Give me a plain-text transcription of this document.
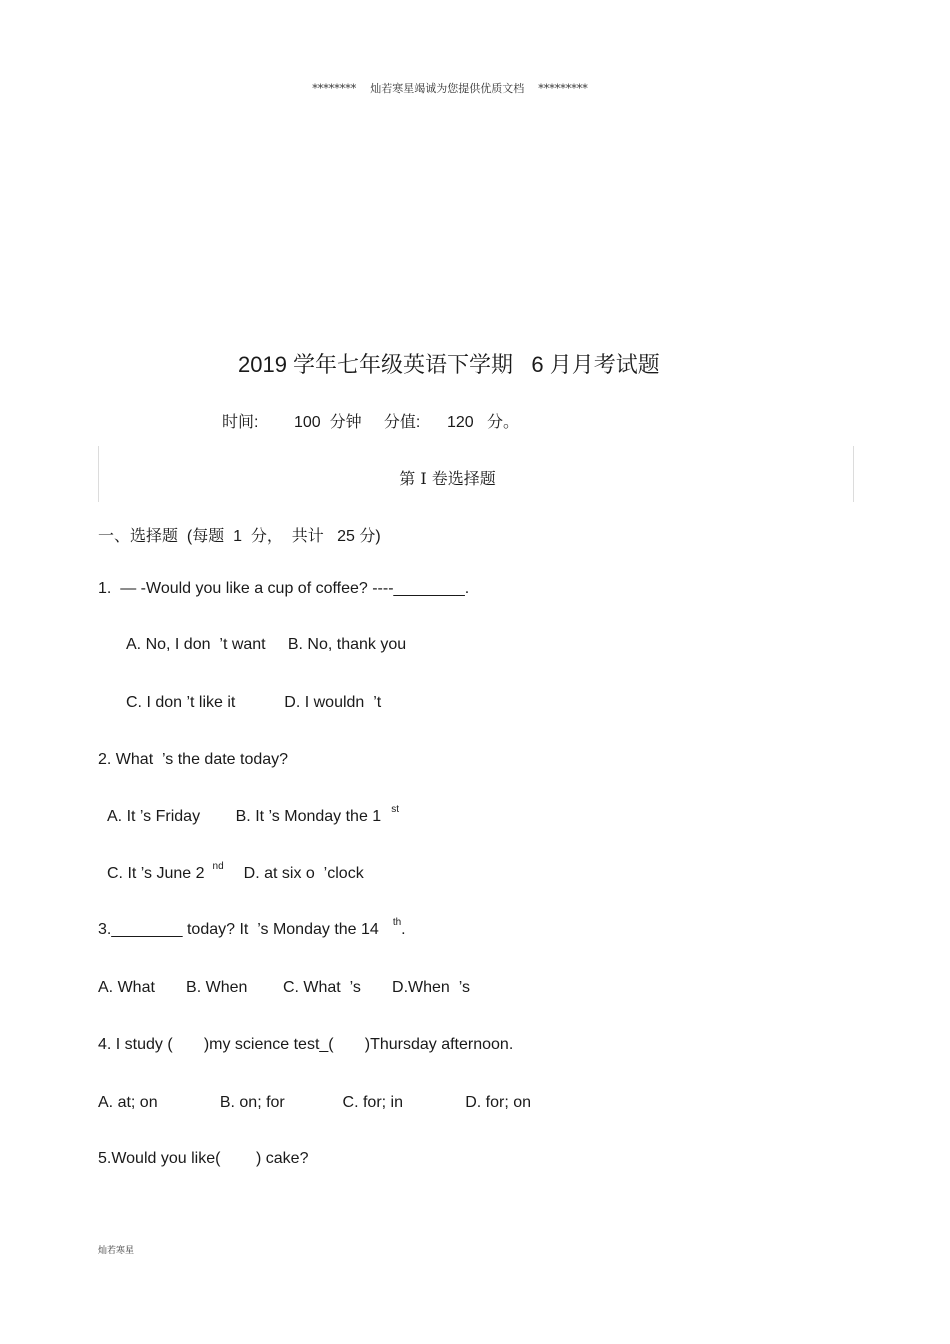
********    灿若寒星竭诚为您提供优质文档    *********
2019 学年七年级英语下学期   6 月月考试题
时间:        100  分钟     分值:      120   分。
第 I 卷选择题
一、选择题  (每题  1  分，  共计   25 分)
1.  — -Would you like a cup of coffee? ----________.
A. No, I don  ’t want     B. No, thank you
C. I don ’t like it           D. I wouldn  ’t
2. What  ’s the date today?
A. It ’s Friday        B. It ’s Monday the 1 $^{st}$
C. It ’s June 2 $^{nd}$ D. at six o  ’clock
3.________ today? It  ’s Monday the 14 $^{th}$.
A. What       B. When        C. What  ’s       D.When  ’s
4. I study (       )my science test_(       )Thursday afternoon.
A. at; on              B. on; for             C. for; in              D. for; on
5.Would you like(        ) cake?
灿若寒星
